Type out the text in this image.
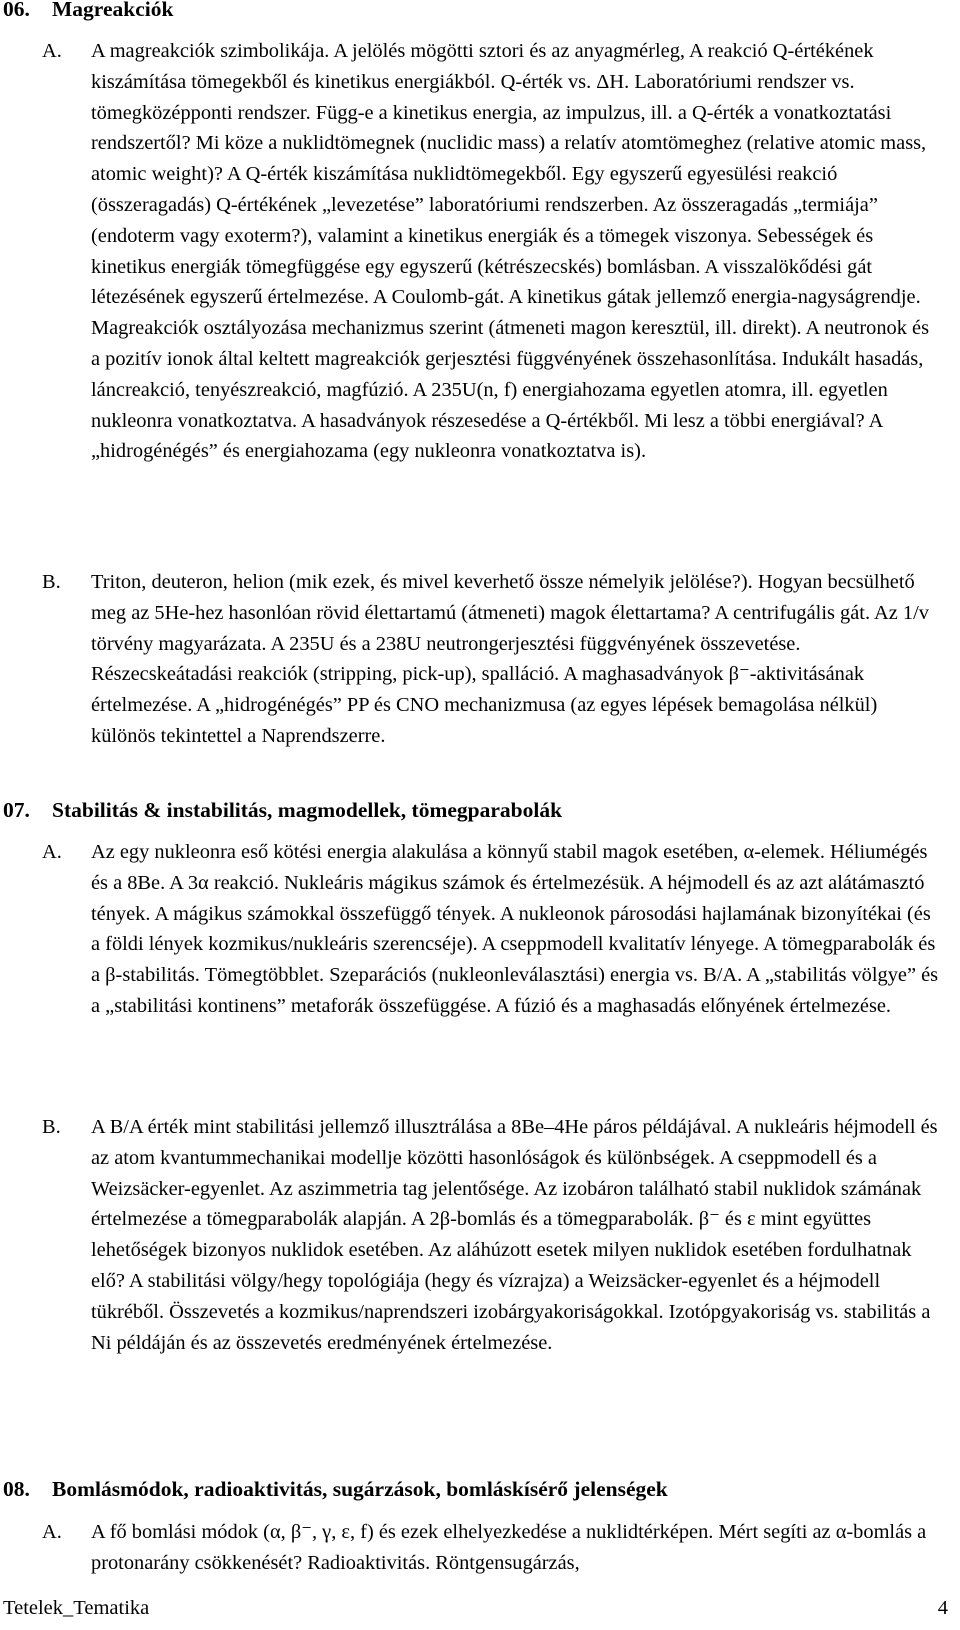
06. Magreakciók
A. A magreakciók szimbolikája. A jelölés mögötti sztori és az anyagmérleg, A reakció Q-értékének kiszámítása tömegekből és kinetikus energiákból. Q-érték vs. ΔH. Laboratóriumi rendszer vs. tömegközépponti rendszer. Függ-e a kinetikus energia, az impulzus, ill. a Q-érték a vonatkoztatási rendszertől? Mi köze a nuklidtömegnek (nuclidic mass) a relatív atomtömeghez (relative atomic mass, atomic weight)? A Q-érték kiszámítása nuklidtömegekből. Egy egyszerű egyesülési reakció (összeragadás) Q-értékének „levezetése” laboratóriumi rendszerben. Az összeragadás „termiája” (endoterm vagy exoterm?), valamint a kinetikus energiák és a tömegek viszonya. Sebességek és kinetikus energiák tömegfüggése egy egyszerű (kétrészecskés) bomlásban. A visszalökődési gát létezésének egyszerű értelmezése. A Coulomb-gát. A kinetikus gátak jellemző energia-nagyságrendje. Magreakciók osztályozása mechanizmus szerint (átmeneti magon keresztül, ill. direkt). A neutronok és a pozitív ionok által keltett magreakciók gerjesztési függvényének összehasonlítása. Indukált hasadás, láncreakció, tenyészreakció, magfúzió. A 235U(n, f) energiahozama egyetlen atomra, ill. egyetlen nukleonra vonatkoztatva. A hasadványok részesedése a Q-értékből. Mi lesz a többi energiával? A „hidrogénégés” és energiahozama (egy nukleonra vonatkoztatva is).
B. Triton, deuteron, helion (mik ezek, és mivel keverhető össze némelyik jelölése?). Hogyan becsülhető meg az 5He-hez hasonlóan rövid élettartamú (átmeneti) magok élettartama? A centrifugális gát. Az 1/v törvény magyarázata. A 235U és a 238U neutrongerjesztési függvényének összevetése. Részecskeátadási reakciók (stripping, pick-up), spalláció. A maghasadványok β⁻-aktivitásának értelmezése. A „hidrogénégés” PP és CNO mechanizmusa (az egyes lépések bemagolása nélkül) különös tekintettel a Naprendszerre.
07. Stabilitás & instabilitás, magmodellek, tömegparabolák
A. Az egy nukleonra eső kötési energia alakulása a könnyű stabil magok esetében, α-elemek. Héliumégés és a 8Be. A 3α reakció. Nukleáris mágikus számok és értelmezésük. A héjmodell és az azt alátámasztó tények. A mágikus számokkal összefüggő tények. A nukleonok párosodási hajlamának bizonyítékai (és a földi lények kozmikus/nukleáris szerencséje). A cseppmodell kvalitatív lényege. A tömegparabolák és a β-stabilitás. Tömegtöbblet. Szeparációs (nukleonleválasztási) energia vs. B/A. A „stabilitás völgye” és a „stabilitási kontinens” metaforák összefüggése. A fúzió és a maghasadás előnyének értelmezése.
B. A B/A érték mint stabilitási jellemző illusztrálása a 8Be–4He páros példájával. A nukleáris héjmodell és az atom kvantummechanikai modellje közötti hasonlóságok és különbségek. A cseppmodell és a Weizsäcker-egyenlet. Az aszimmetria tag jelentősége. Az izobáron található stabil nuklidok számának értelmezése a tömegparabolák alapján. A 2β-bomlás és a tömegparabolák. β⁻ és ε mint együttes lehetőségek bizonyos nuklidok esetében. Az aláhúzott esetek milyen nuklidok esetében fordulhatnak elő? A stabilitási völgy/hegy topológiája (hegy és vízrajza) a Weizsäcker-egyenlet és a héjmodell tükréből. Összevetés a kozmikus/naprendszeri izobárgyakoriságokkal. Izotópgyakoriság vs. stabilitás a Ni példáján és az összevetés eredményének értelmezése.
08. Bomlásmódok, radioaktivitás, sugárzások, bomláskísérő jelenségek
A. A fő bomlási módok (α, β⁻, γ, ε, f) és ezek elhelyezkedése a nuklidtérképen. Mért segíti az α-bomlás a protonarány csökkenését? Radioaktivitás. Röntgensugárzás,
Tetelek_Tematika	4
